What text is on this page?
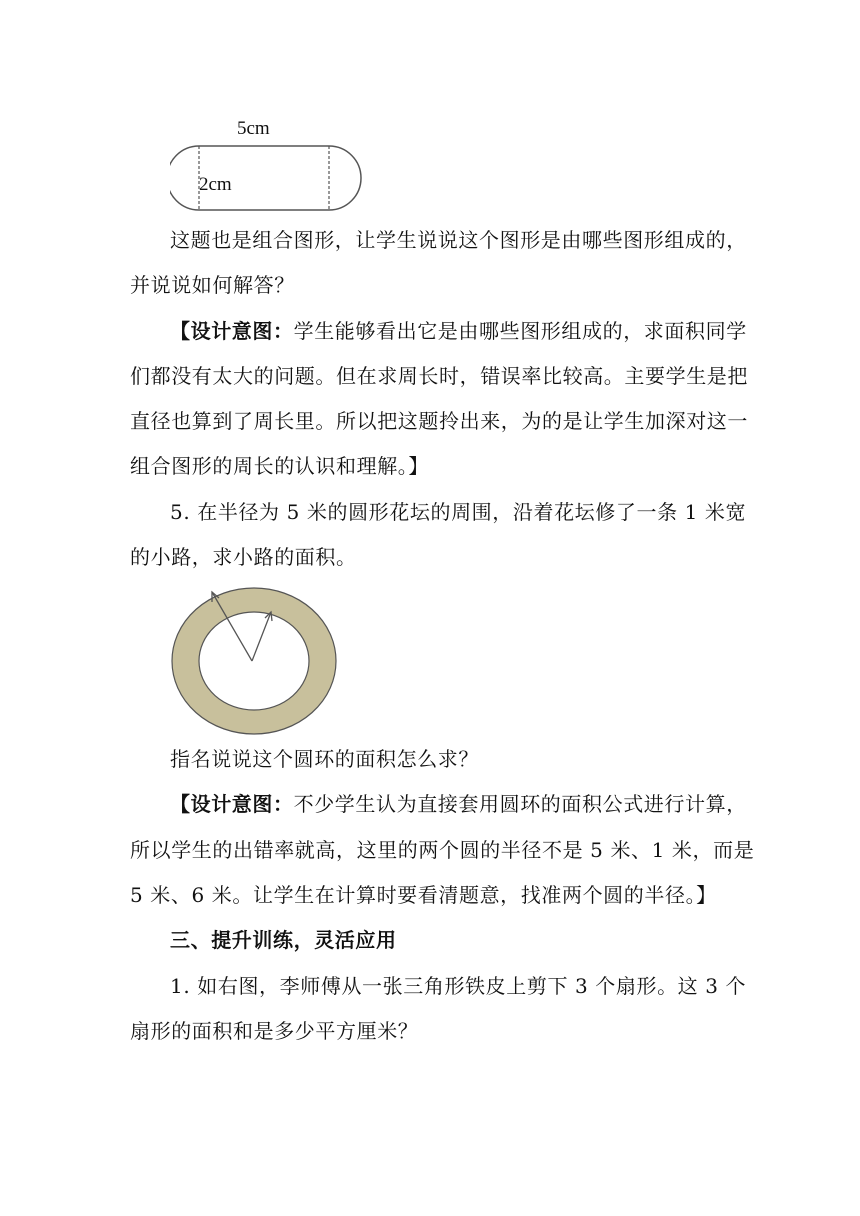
5cm
2cm
这题也是组合图形，让学生说说这个图形是由哪些图形组成的，
并说说如何解答？
【设计意图：学生能够看出它是由哪些图形组成的，求面积同学
们都没有太大的问题。但在求周长时，错误率比较高。主要学生是把
直径也算到了周长里。所以把这题拎出来，为的是让学生加深对这一
组合图形的周长的认识和理解。】
5. 在半径为 5 米的圆形花坛的周围，沿着花坛修了一条 1 米宽
的小路，求小路的面积。
指名说说这个圆环的面积怎么求？
【设计意图：不少学生认为直接套用圆环的面积公式进行计算，
所以学生的出错率就高，这里的两个圆的半径不是 5 米、1 米，而是
5 米、6 米。让学生在计算时要看清题意，找准两个圆的半径。】
三、提升训练，灵活应用
1. 如右图，李师傅从一张三角形铁皮上剪下 3 个扇形。这 3 个
扇形的面积和是多少平方厘米？
